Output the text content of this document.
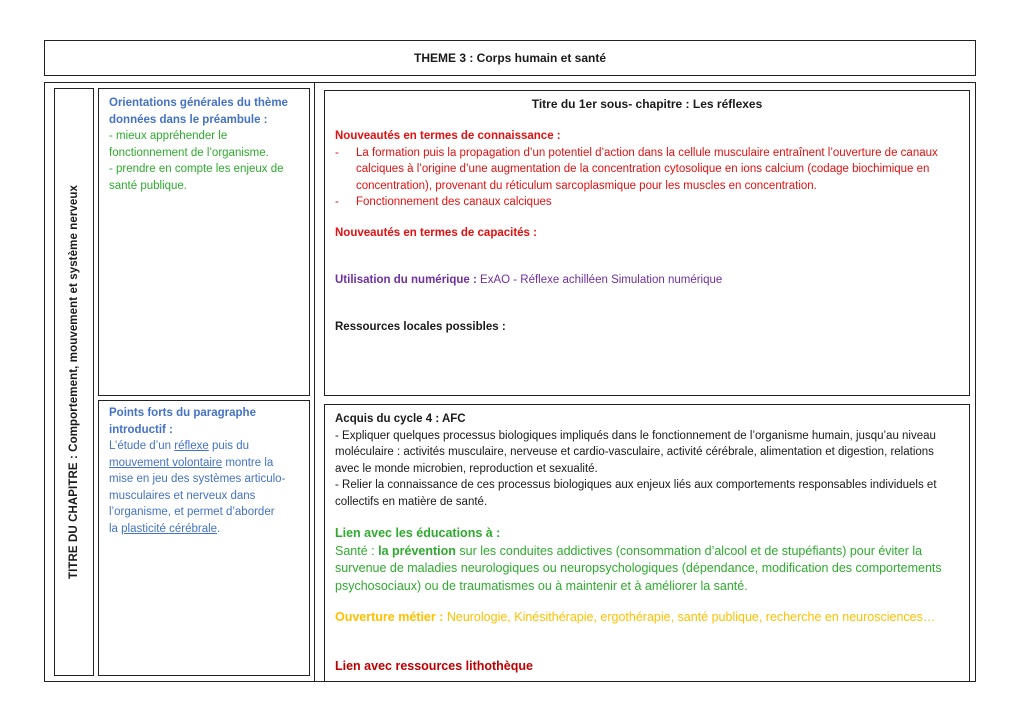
THEME 3 : Corps humain et santé
TITRE DU CHAPITRE : Comportement, mouvement et système nerveux

Orientations générales du thème

données dans le préambule :

- mieux appréhender le

fonctionnement de l’organisme.

- prendre en compte les enjeux de

santé publique.

Points forts du paragraphe

introductif :

L’étude d’un réflexe puis du

mouvement volontaire montre la

mise en jeu des systèmes articulo-

musculaires et nerveux dans

l’organisme, et permet d’aborder

la plasticité cérébrale.

Titre du 1er sous- chapitre : Les réflexes

Nouveautés en termes de connaissance :

-	La formation puis la propagation d’un potentiel d’action dans la cellule musculaire entraînent l’ouverture de canaux calciques à l’origine d’une augmentation de la concentration cytosolique en ions calcium (codage biochimique en concentration), provenant du réticulum sarcoplasmique pour les muscles en concentration.
-	Fonctionnement des canaux calciques
Nouveautés en termes de capacités :
Utilisation du numérique : ExAO - Réflexe achilléen Simulation numérique
Ressources locales possibles :

Acquis du cycle 4 : AFC

- Expliquer quelques processus biologiques impliqués dans le fonctionnement de l’organisme humain, jusqu’au niveau moléculaire : activités musculaire, nerveuse et cardio-vasculaire, activité cérébrale, alimentation et digestion, relations avec le monde microbien, reproduction et sexualité.

- Relier la connaissance de ces processus biologiques aux enjeux liés aux comportements responsables individuels et collectifs en matière de santé.

Lien avec les éducations à :

Santé : la prévention sur les conduites addictives (consommation d’alcool et de stupéfiants) pour éviter la survenue de maladies neurologiques ou neuropsychologiques (dépendance, modification des comportements psychosociaux) ou de traumatismes ou à maintenir et à améliorer la santé.

Ouverture métier : Neurologie, Kinésithérapie, ergothérapie, santé publique, recherche en neurosciences…

Lien avec ressources lithothèque
